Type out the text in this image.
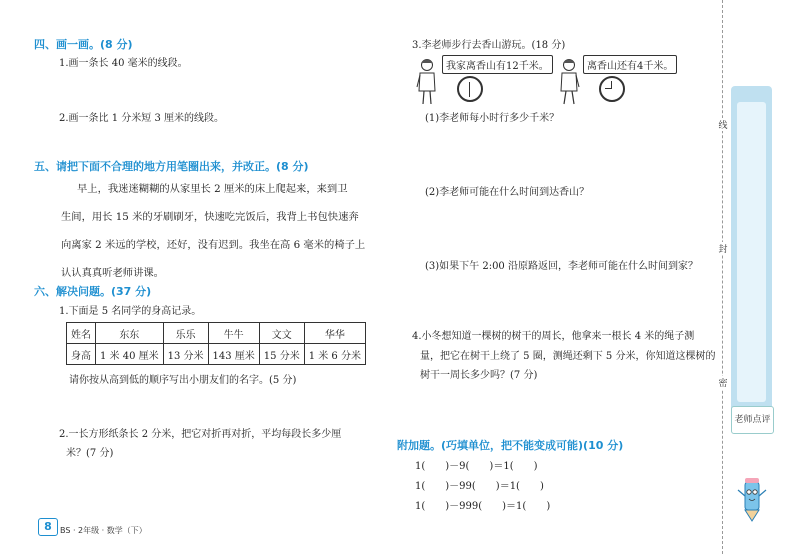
四、画一画。(8 分)
1.画一条长 40 毫米的线段。
2.画一条比 1 分米短 3 厘米的线段。
五、请把下面不合理的地方用笔圈出来，并改正。(8 分)
早上，我迷迷糊糊的从家里长 2 厘米的床上爬起来，来到卫
生间，用长 15 米的牙刷刷牙，快速吃完饭后，我背上书包快速奔
向离家 2 米远的学校，还好，没有迟到。我坐在高 6 毫米的椅子上
认认真真听老师讲课。
六、解决问题。(37 分)
1.下面是 5 名同学的身高记录。
姓名	东东	乐乐	牛牛	文文	华华
身高	1 米 40 厘米	13 分米	143 厘米	15 分米	1 米 6 分米
请你按从高到低的顺序写出小朋友们的名字。(5 分)
2.一长方形纸条长 2 分米，把它对折再对折，平均每段长多少厘
米？(7 分)
8	BS · 2年级 · 数学（下）
3.李老师步行去香山游玩。(18 分)
我家离香山有12千米。	离香山还有4千米。
(1)李老师每小时行多少千米？
(2)李老师可能在什么时间到达香山？
(3)如果下午 2:00 沿原路返回，李老师可能在什么时间到家？
4.小冬想知道一棵树的树干的周长，他拿来一根长 4 米的绳子测
量，把它在树干上绕了 5 圈，测绳还剩下 5 分米，你知道这棵树的
树干一周长多少吗？(7 分)
附加题。(巧填单位，把不能变成可能)(10 分)
1(　　)－9(　　)＝1(　　)
1(　　)－99(　　)＝1(　　)
1(　　)－999(　　)＝1(　　)
线
封
密
老师点评
